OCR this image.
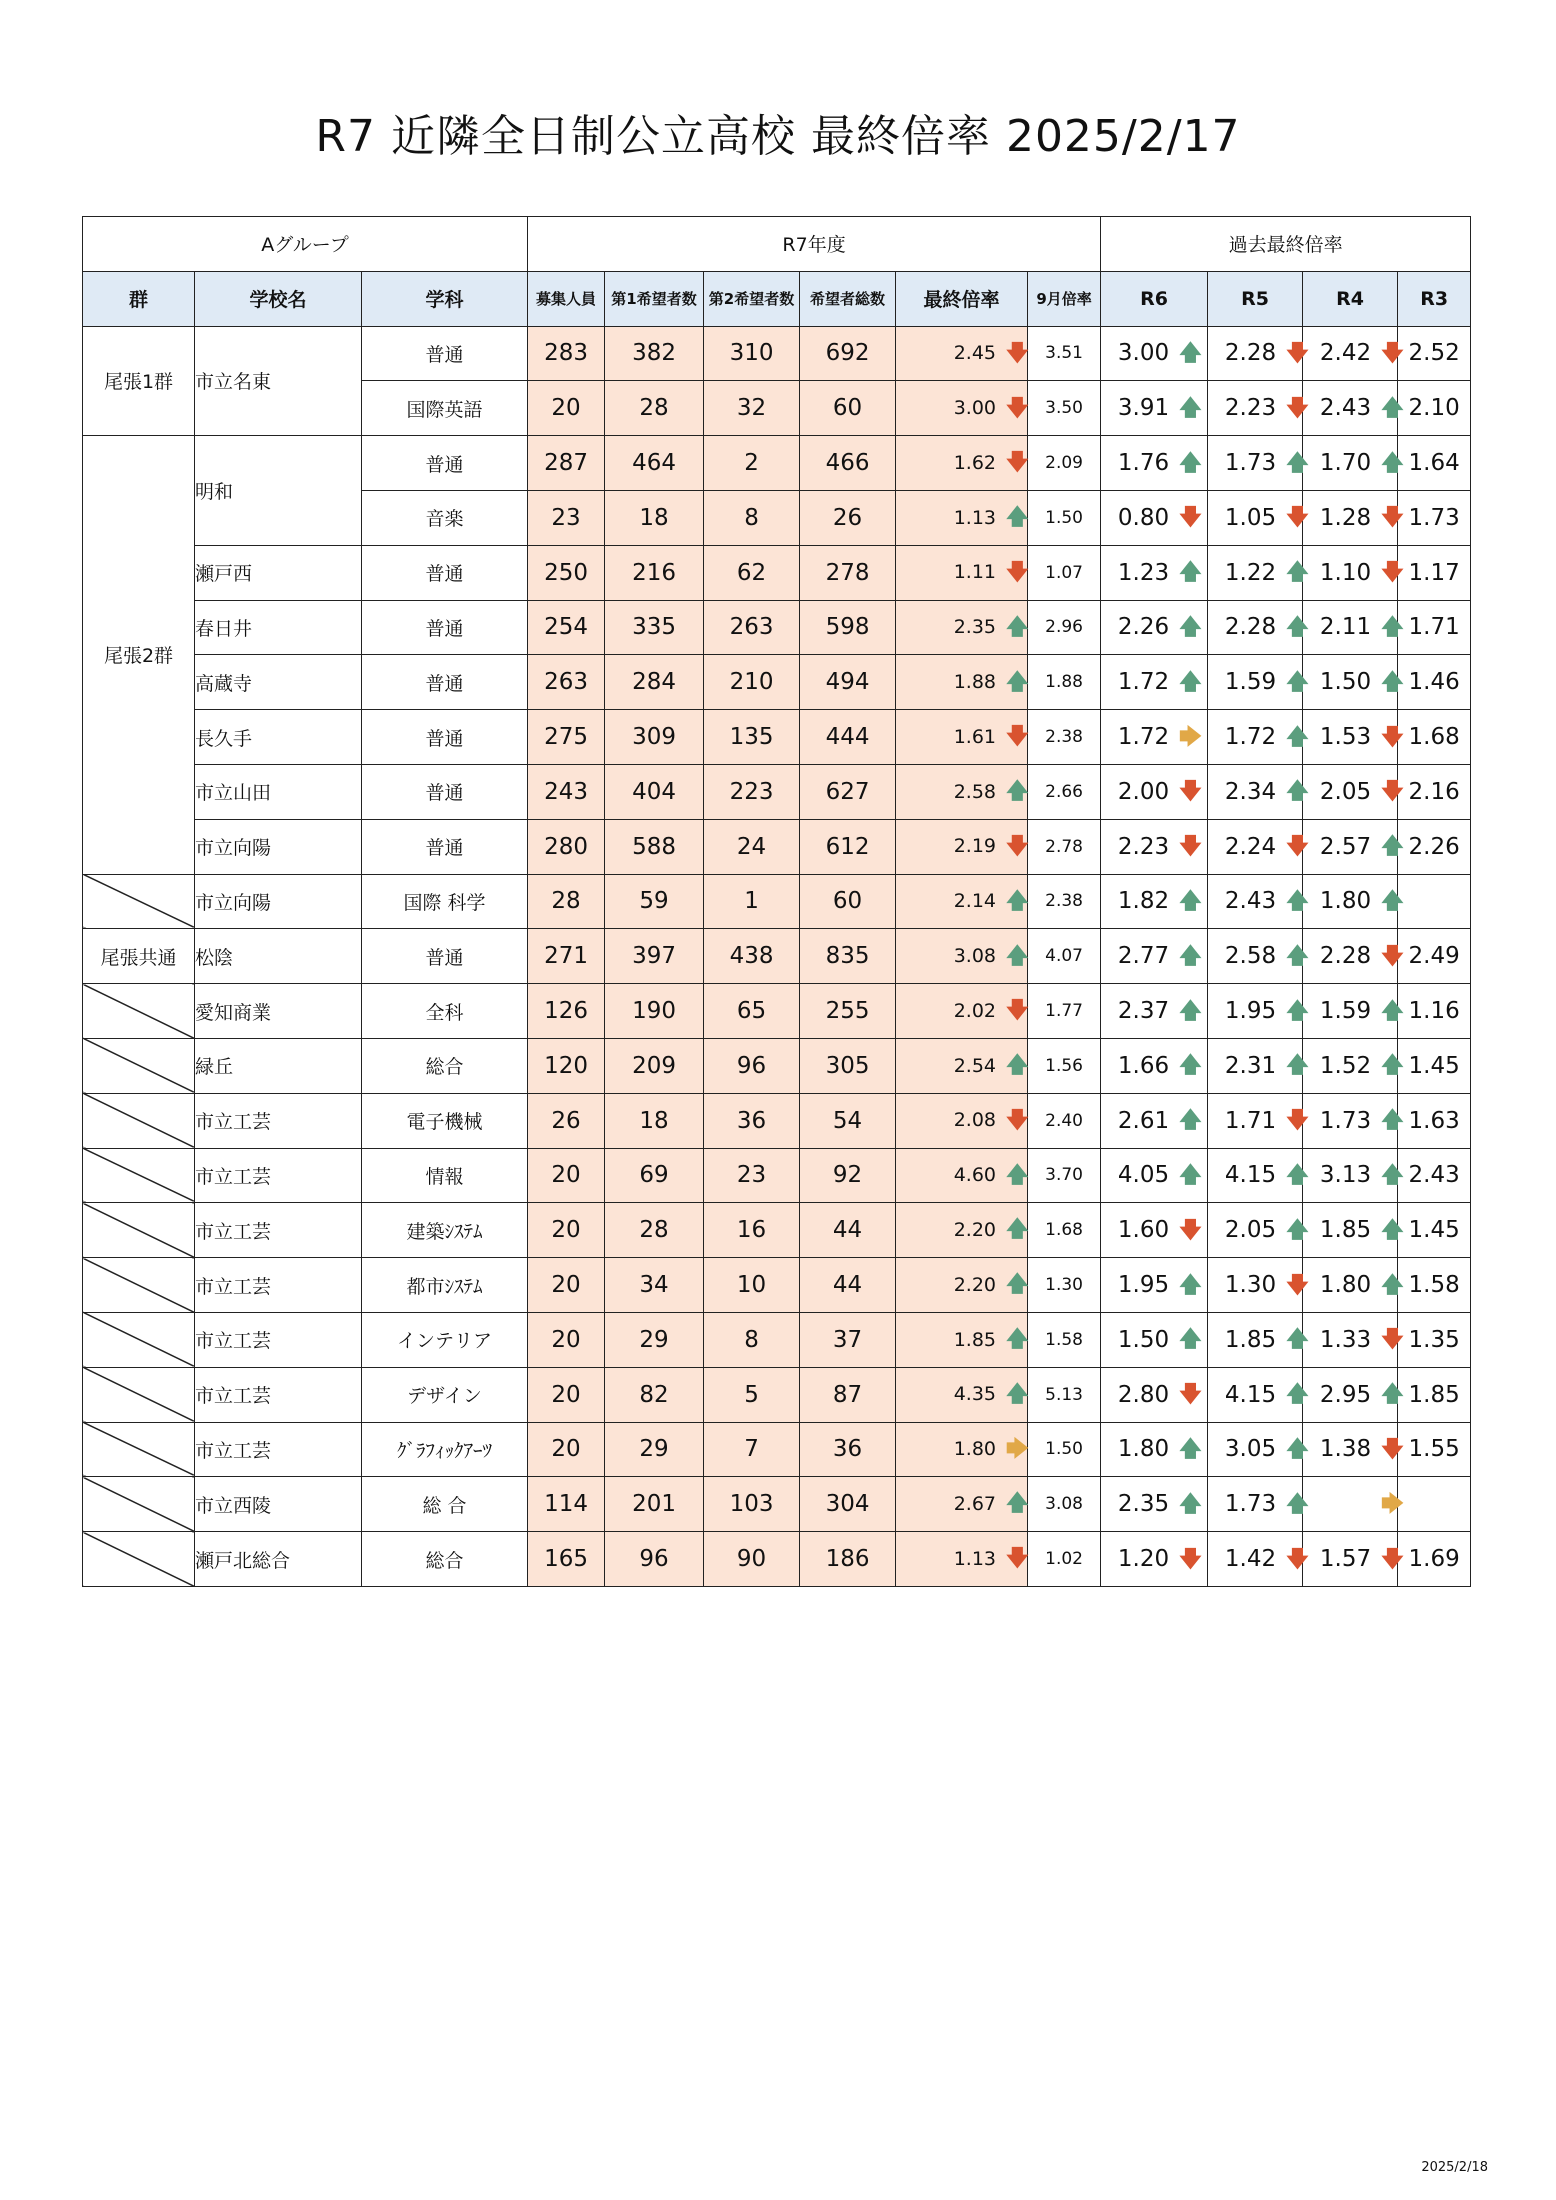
R7 近隣全日制公立高校 最終倍率 2025/2/17
Aグループ			R7年度						過去最終倍率			
群	学校名	学科	募集人員	第1希望者数	第2希望者数	希望者総数	最終倍率	9月倍率	R6	R5	R4	R3
尾張1群	市立名東	普通	283	382	310	692	2.45 🡇	3.51	3.00 🡅	2.28 🡇	2.42 🡇	2.52
		国際英語	20	28	32	60	3.00 🡇	3.50	3.91 🡅	2.23 🡇	2.43 🡅	2.10
尾張2群	明和	普通	287	464	2	466	1.62 🡇	2.09	1.76 🡅	1.73 🡅	1.70 🡅	1.64
		音楽	23	18	8	26	1.13 🡅	1.50	0.80 🡇	1.05 🡇	1.28 🡇	1.73
	瀬戸西	普通	250	216	62	278	1.11 🡇	1.07	1.23 🡅	1.22 🡅	1.10 🡇	1.17
	春日井	普通	254	335	263	598	2.35 🡅	2.96	2.26 🡅	2.28 🡅	2.11 🡅	1.71
	高蔵寺	普通	263	284	210	494	1.88 🡅	1.88	1.72 🡅	1.59 🡅	1.50 🡅	1.46
	長久手	普通	275	309	135	444	1.61 🡇	2.38	1.72 🡆	1.72 🡅	1.53 🡇	1.68
	市立山田	普通	243	404	223	627	2.58 🡅	2.66	2.00 🡇	2.34 🡅	2.05 🡇	2.16
	市立向陽	普通	280	588	24	612	2.19 🡇	2.78	2.23 🡇	2.24 🡇	2.57 🡅	2.26
	市立向陽	国際 科学	28	59	1	60	2.14 🡅	2.38	1.82 🡅	2.43 🡅	1.80 🡅	
尾張共通	松陰	普通	271	397	438	835	3.08 🡅	4.07	2.77 🡅	2.58 🡅	2.28 🡇	2.49
	愛知商業	全科	126	190	65	255	2.02 🡇	1.77	2.37 🡅	1.95 🡅	1.59 🡅	1.16
	緑丘	総合	120	209	96	305	2.54 🡅	1.56	1.66 🡅	2.31 🡅	1.52 🡅	1.45
	市立工芸	電子機械	26	18	36	54	2.08 🡇	2.40	2.61 🡅	1.71 🡇	1.73 🡅	1.63
	市立工芸	情報	20	69	23	92	4.60 🡅	3.70	4.05 🡅	4.15 🡅	3.13 🡅	2.43
	市立工芸	建築ｼｽﾃﾑ	20	28	16	44	2.20 🡅	1.68	1.60 🡇	2.05 🡅	1.85 🡅	1.45
	市立工芸	都市ｼｽﾃﾑ	20	34	10	44	2.20 🡅	1.30	1.95 🡅	1.30 🡇	1.80 🡅	1.58
	市立工芸	インテリア	20	29	8	37	1.85 🡅	1.58	1.50 🡅	1.85 🡅	1.33 🡇	1.35
	市立工芸	デザイン	20	82	5	87	4.35 🡅	5.13	2.80 🡇	4.15 🡅	2.95 🡅	1.85
	市立工芸	ｸﾞﾗﾌｨｯｸｱｰﾂ	20	29	7	36	1.80 🡆	1.50	1.80 🡅	3.05 🡅	1.38 🡇	1.55
	市立西陵	総 合	114	201	103	304	2.67 🡅	3.08	2.35 🡅	1.73 🡅	🡆	
	瀬戸北総合	総合	165	96	90	186	1.13 🡇	1.02	1.20 🡇	1.42 🡇	1.57 🡇	1.69
2025/2/18
